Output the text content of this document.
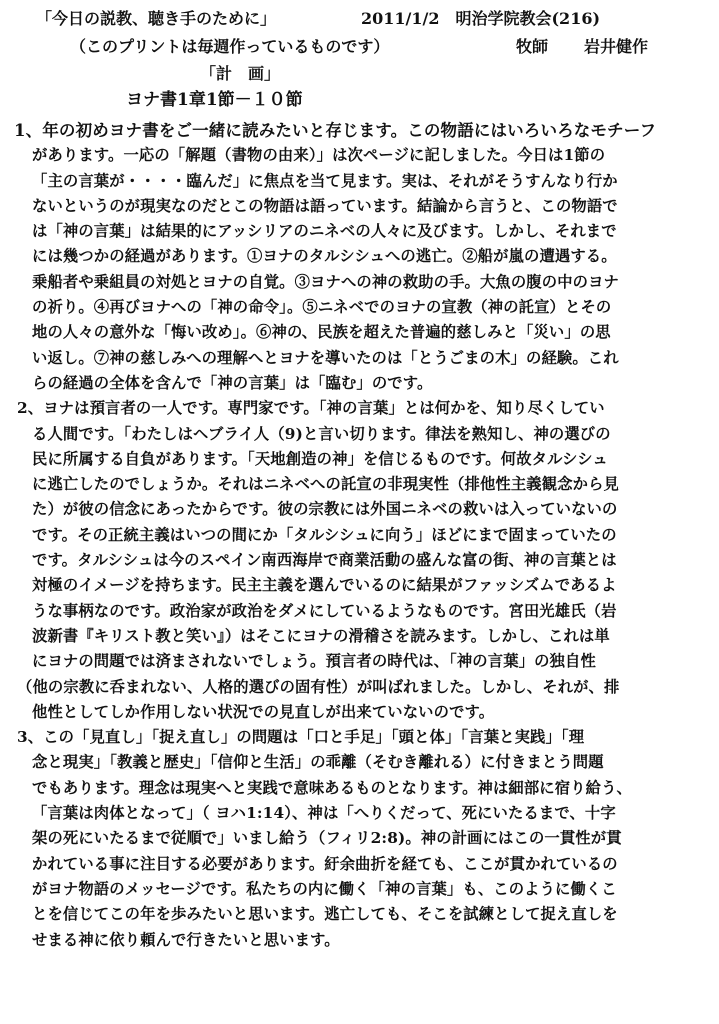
「今日の説教、聴き手のために」	2011/1/2　明治学院教会(216)
（このプリントは毎週作っているものです）	牧師 岩井健作
「計　画」
ヨナ書1章1節－１０節
1、年の初めヨナ書をご一緒に読みたいと存じます。この物語にはいろいろなモチーフ
があります。一応の「解題（書物の由来）」は次ページに記しました。今日は1節の
「主の言葉が・・・・臨んだ」に焦点を当て見ます。実は、それがそうすんなり行か
ないというのが現実なのだとこの物語は語っています。結論から言うと、この物語で
は「神の言葉」は結果的にアッシリアのニネベの人々に及びます。しかし、それまで
には幾つかの経過があります。①ヨナのタルシシュへの逃亡。②船が嵐の遭遇する。
乗船者や乗組員の対処とヨナの自覚。③ヨナへの神の救助の手。大魚の腹の中のヨナ
の祈り。④再びヨナへの「神の命令」。⑤ニネベでのヨナの宣教（神の託宣）とその
地の人々の意外な「悔い改め」。⑥神の、民族を超えた普遍的慈しみと「災い」の思
い返し。⑦神の慈しみへの理解へとヨナを導いたのは「とうごまの木」の経験。これ
らの経過の全体を含んで「神の言葉」は「臨む」のです。
2、ヨナは預言者の一人です。専門家です。「神の言葉」とは何かを、知り尽くしてい
る人間です。「わたしはヘブライ人（9)と言い切ります。律法を熟知し、神の選びの
民に所属する自負があります。「天地創造の神」を信じるものです。何故タルシシュ
に逃亡したのでしょうか。それはニネベへの託宣の非現実性（排他性主義観念から見
た）が彼の信念にあったからです。彼の宗教には外国ニネベの救いは入っていないの
です。その正統主義はいつの間にか「タルシシュに向う」ほどにまで固まっていたの
です。タルシシュは今のスペイン南西海岸で商業活動の盛んな富の街、神の言葉とは
対極のイメージを持ちます。民主主義を選んでいるのに結果がファッシズムであるよ
うな事柄なのです。政治家が政治をダメにしているようなものです。宮田光雄氏（岩
波新書『キリスト教と笑い』）はそこにヨナの滑稽さを読みます。しかし、これは単
にヨナの問題では済まされないでしょう。預言者の時代は、「神の言葉」の独自性
（他の宗教に呑まれない、人格的選びの固有性）が叫ばれました。しかし、それが、排
他性としてしか作用しない状況での見直しが出来ていないのです。
3、この「見直し」「捉え直し」の問題は「口と手足」「頭と体」「言葉と実践」「理
念と現実」「教義と歴史」「信仰と生活」の乖離（そむき離れる）に付きまとう問題
でもあります。理念は現実へと実践で意味あるものとなります。神は細部に宿り給う、
「言葉は肉体となって」（ ヨハ1:14）、神は「へりくだって、死にいたるまで、十字
架の死にいたるまで従順で」いまし給う（フィリ2:8)。神の計画にはこの一貫性が貫
かれている事に注目する必要があります。紆余曲折を経ても、ここが貫かれているの
がヨナ物語のメッセージです。私たちの内に働く「神の言葉」も、このように働くこ
とを信じてこの年を歩みたいと思います。逃亡しても、そこを試練として捉え直しを
せまる神に依り頼んで行きたいと思います。
